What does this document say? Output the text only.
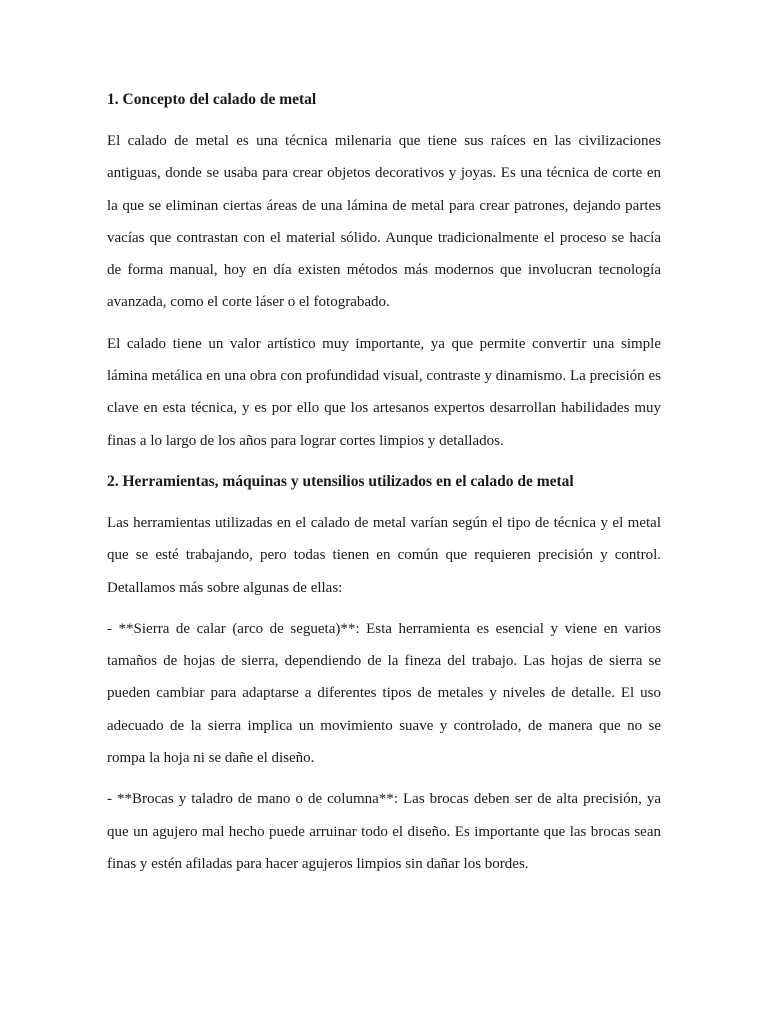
1. Concepto del calado de metal

El calado de metal es una técnica milenaria que tiene sus raíces en las civilizaciones antiguas, donde se usaba para crear objetos decorativos y joyas. Es una técnica de corte en la que se eliminan ciertas áreas de una lámina de metal para crear patrones, dejando partes vacías que contrastan con el material sólido. Aunque tradicionalmente el proceso se hacía de forma manual, hoy en día existen métodos más modernos que involucran tecnología avanzada, como el corte láser o el fotograbado.

El calado tiene un valor artístico muy importante, ya que permite convertir una simple lámina metálica en una obra con profundidad visual, contraste y dinamismo. La precisión es clave en esta técnica, y es por ello que los artesanos expertos desarrollan habilidades muy finas a lo largo de los años para lograr cortes limpios y detallados.

2. Herramientas, máquinas y utensilios utilizados en el calado de metal

Las herramientas utilizadas en el calado de metal varían según el tipo de técnica y el metal que se esté trabajando, pero todas tienen en común que requieren precisión y control. Detallamos más sobre algunas de ellas:

- **Sierra de calar (arco de segueta)**: Esta herramienta es esencial y viene en varios tamaños de hojas de sierra, dependiendo de la fineza del trabajo. Las hojas de sierra se pueden cambiar para adaptarse a diferentes tipos de metales y niveles de detalle. El uso adecuado de la sierra implica un movimiento suave y controlado, de manera que no se rompa la hoja ni se dañe el diseño.

- **Brocas y taladro de mano o de columna**: Las brocas deben ser de alta precisión, ya que un agujero mal hecho puede arruinar todo el diseño. Es importante que las brocas sean finas y estén afiladas para hacer agujeros limpios sin dañar los bordes.
